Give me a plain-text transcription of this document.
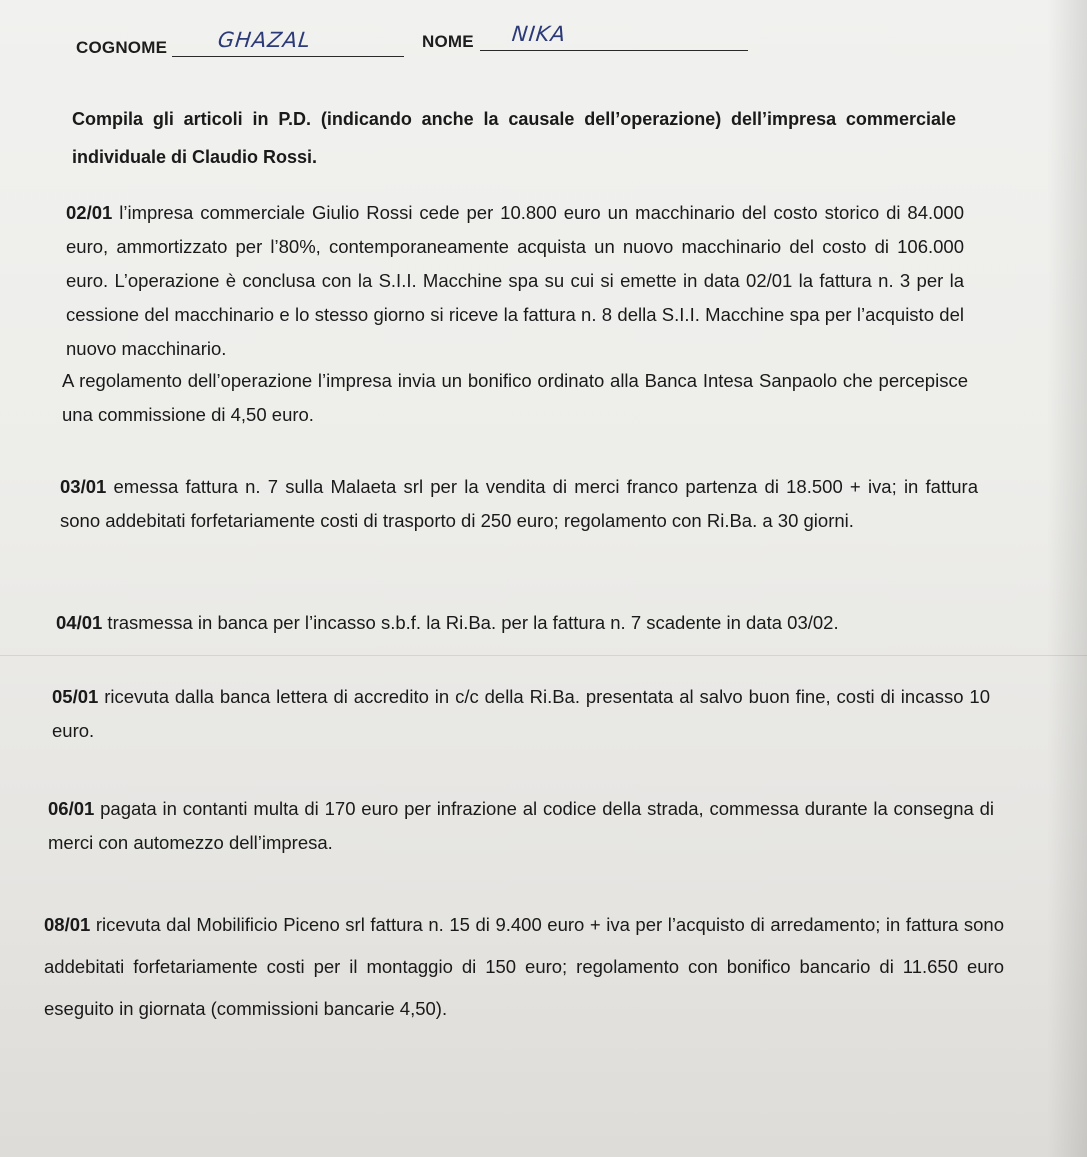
COGNOME GHAZAL	NOME NIKA
Compila gli articoli in P.D. (indicando anche la causale dell’operazione) dell’impresa commerciale individuale di Claudio Rossi.
02/01 l’impresa commerciale Giulio Rossi cede per 10.800 euro un macchinario del costo storico di 84.000 euro, ammortizzato per l’80%, contemporaneamente acquista un nuovo macchinario del costo di 106.000 euro. L’operazione è conclusa con la S.I.I. Macchine spa su cui si emette in data 02/01 la fattura n. 3 per la cessione del macchinario e lo stesso giorno si riceve la fattura n. 8 della S.I.I. Macchine spa per l’acquisto del nuovo macchinario.
A regolamento dell’operazione l’impresa invia un bonifico ordinato alla Banca Intesa Sanpaolo che percepisce una commissione di 4,50 euro.
03/01 emessa fattura n. 7 sulla Malaeta srl per la vendita di merci franco partenza di 18.500 + iva; in fattura sono addebitati forfetariamente costi di trasporto di 250 euro; regolamento con Ri.Ba. a 30 giorni.
04/01 trasmessa in banca per l’incasso s.b.f. la Ri.Ba. per la fattura n. 7 scadente in data 03/02.
05/01 ricevuta dalla banca lettera di accredito in c/c della Ri.Ba. presentata al salvo buon fine, costi di incasso 10 euro.
06/01 pagata in contanti multa di 170 euro per infrazione al codice della strada, commessa durante la consegna di merci con automezzo dell’impresa.
08/01 ricevuta dal Mobilificio Piceno srl fattura n. 15 di 9.400 euro + iva per l’acquisto di arredamento; in fattura sono addebitati forfetariamente costi per il montaggio di 150 euro; regolamento con bonifico bancario di 11.650 euro eseguito in giornata (commissioni bancarie 4,50).
